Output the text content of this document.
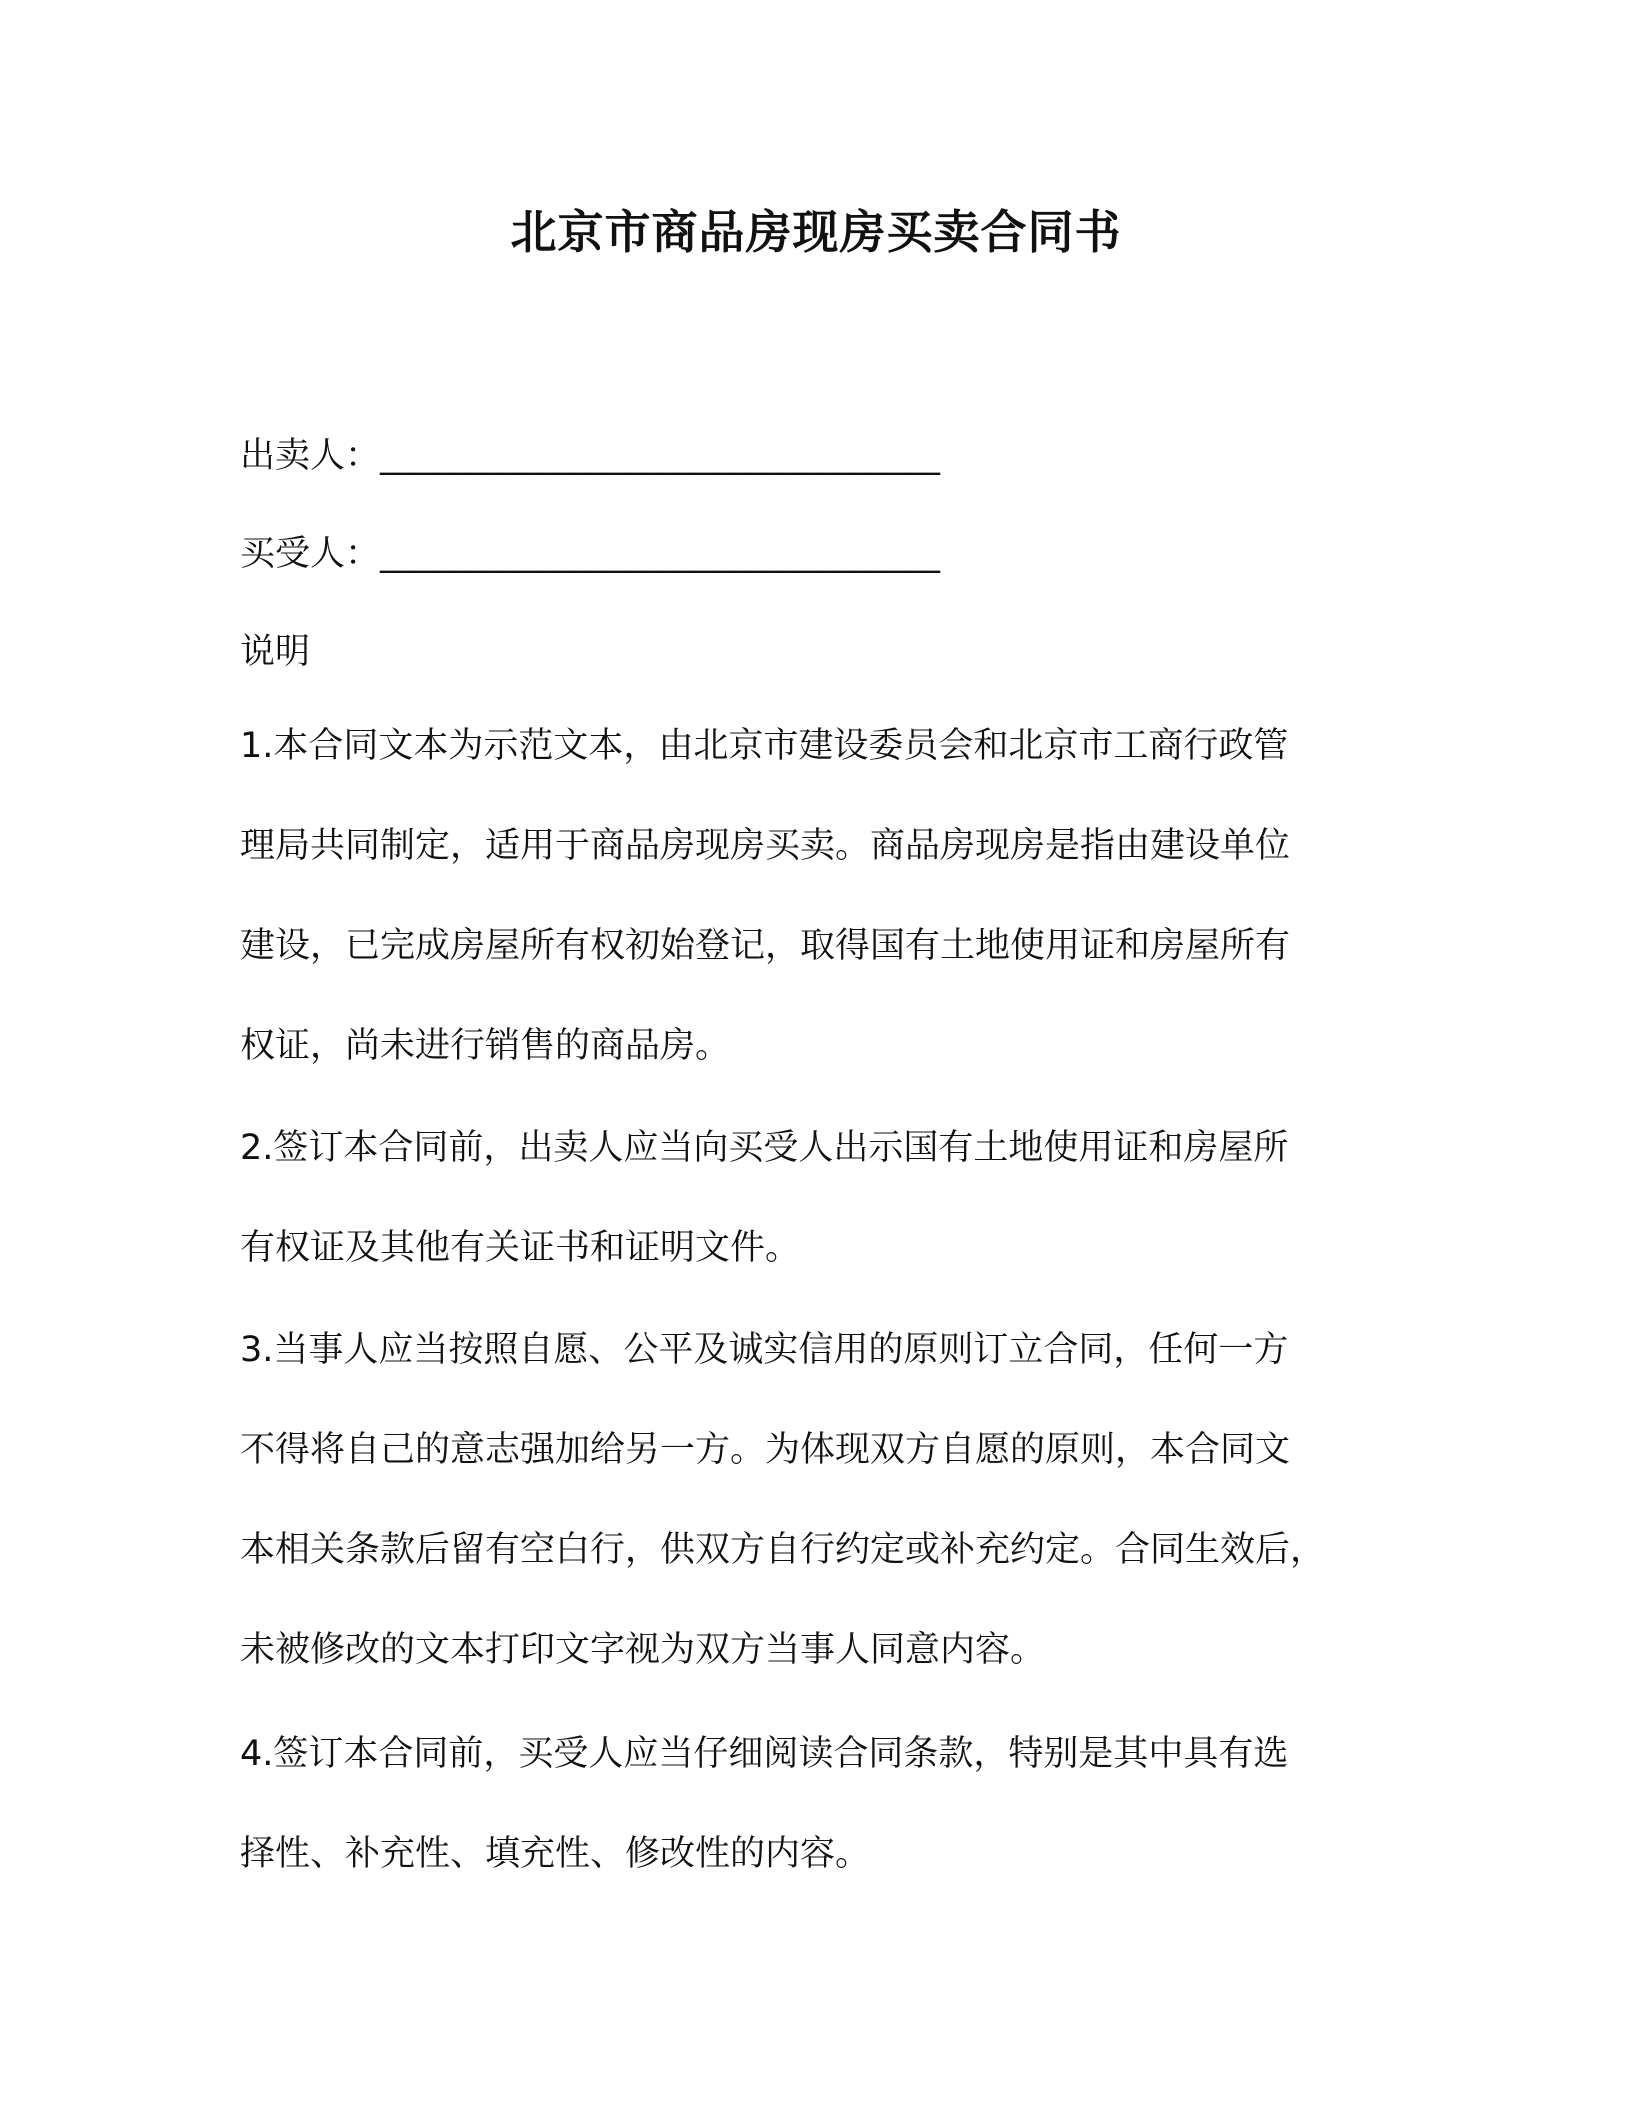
北京市商品房现房买卖合同书
出卖人：________________________________
买受人：________________________________
说明
1.本合同文本为示范文本，由北京市建设委员会和北京市工商行政管
理局共同制定，适用于商品房现房买卖。商品房现房是指由建设单位
建设，已完成房屋所有权初始登记，取得国有土地使用证和房屋所有
权证，尚未进行销售的商品房。
2.签订本合同前，出卖人应当向买受人出示国有土地使用证和房屋所
有权证及其他有关证书和证明文件。
3.当事人应当按照自愿、公平及诚实信用的原则订立合同，任何一方
不得将自己的意志强加给另一方。为体现双方自愿的原则，本合同文
本相关条款后留有空白行，供双方自行约定或补充约定。合同生效后，
未被修改的文本打印文字视为双方当事人同意内容。
4.签订本合同前，买受人应当仔细阅读合同条款，特别是其中具有选
择性、补充性、填充性、修改性的内容。
